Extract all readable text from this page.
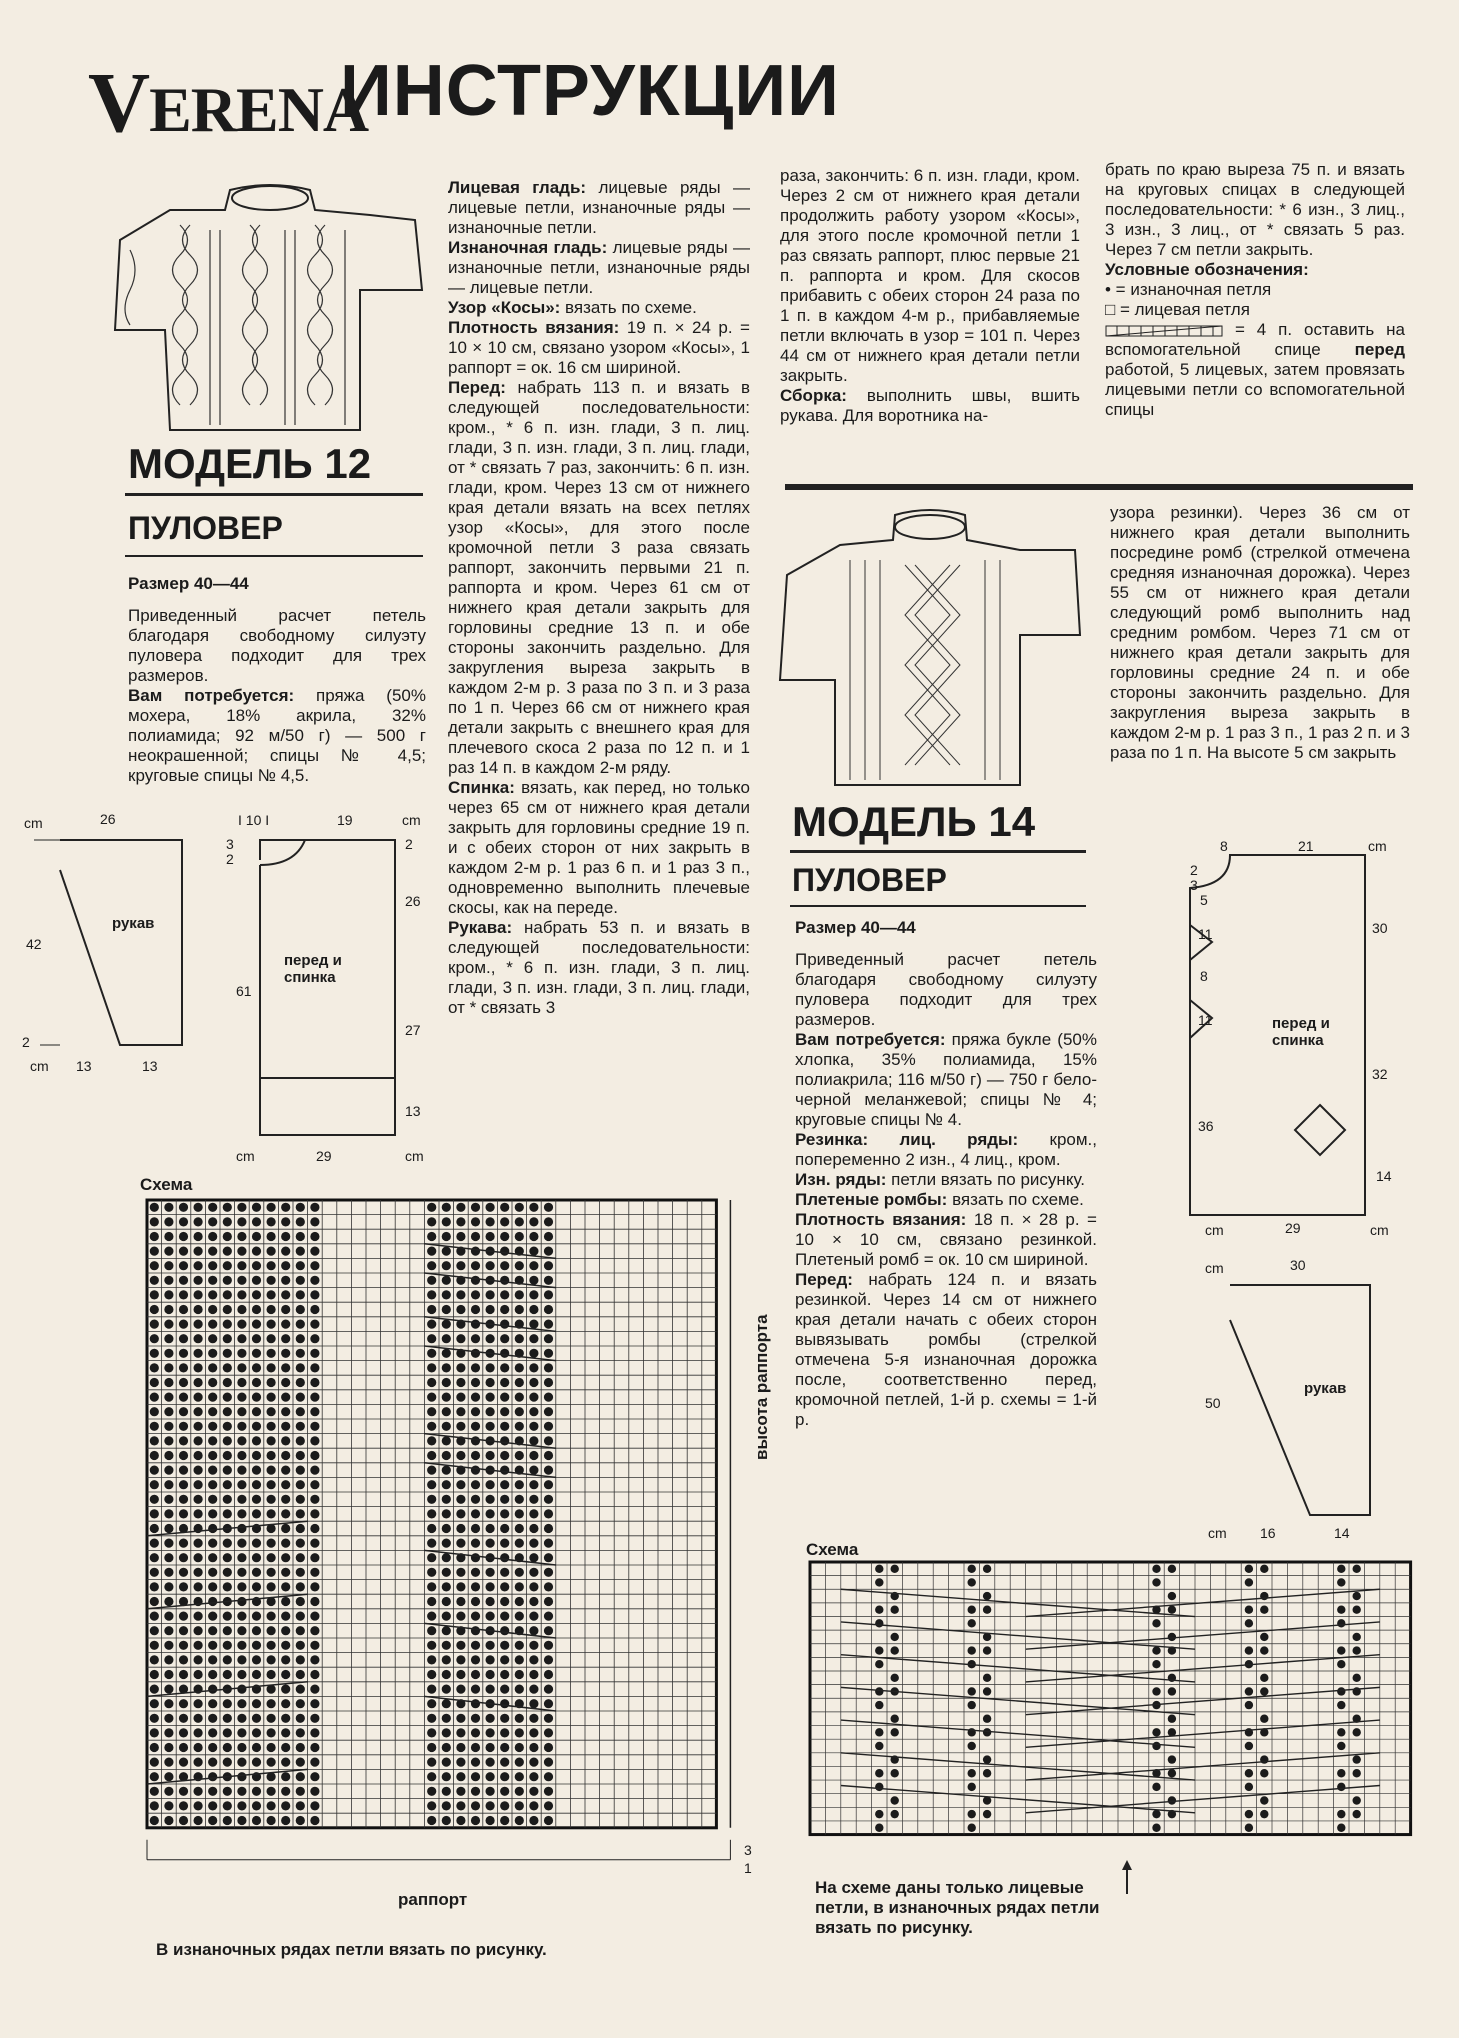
VERENA
ИНСТРУКЦИИ
МОДЕЛЬ 12
ПУЛОВЕР

Размер 40—44

Приведенный расчет петель благодаря свободному силуэту пуловера подходит для трех размеров.

Вам потребуется: пряжа (50% мохера, 18% акрила, 32% полиамида; 92 м/50 г) — 500 г неокрашенной; спицы № 4,5; круговые спицы № 4,5.

Лицевая гладь: лицевые ряды — лицевые петли, изнаночные ряды — изнаночные петли.

Изнаночная гладь: лицевые ряды — изнаночные петли, изнаночные ряды — лицевые петли.

Узор «Косы»: вязать по схеме.

Плотность вязания: 19 п. × 24 р. = 10 × 10 см, связано узором «Косы», 1 раппорт = ок. 16 см шириной.

Перед: набрать 113 п. и вязать в следующей последовательности: кром., * 6 п. изн. глади, 3 п. лиц. глади, 3 п. изн. глади, 3 п. лиц. глади, от * связать 7 раз, закончить: 6 п. изн. глади, кром. Через 13 см от нижнего края детали вязать на всех петлях узор «Косы», для этого после кромочной петли 3 раза связать раппорт, закончить первыми 21 п. раппорта и кром. Через 61 см от нижнего края детали закрыть для горловины средние 13 п. и обе стороны закончить раздельно. Для закругления выреза закрыть в каждом 2-м р. 3 раза по 3 п. и 3 раза по 1 п. Через 66 см от нижнего края детали закрыть с внешнего края для плечевого скоса 2 раза по 12 п. и 1 раз 14 п. в каждом 2-м ряду.

Спинка: вязать, как перед, но только через 65 см от нижнего края детали закрыть для горловины средние 19 п. и с обеих сторон от них закрыть в каждом 2-м р. 1 раз 6 п. и 1 раз 3 п., одновременно выполнить плечевые скосы, как на переде.

Рукава: набрать 53 п. и вязать в следующей последовательности: кром., * 6 п. изн. глади, 3 п. лиц. глади, 3 п. изн. глади, 3 п. лиц. глади, от * связать 3

раза, закончить: 6 п. изн. глади, кром. Через 2 см от нижнего края детали продолжить работу узором «Косы», для этого после кромочной петли 1 раз связать раппорт, плюс первые 21 п. раппорта и кром. Для скосов прибавить с обеих сторон 24 раза по 1 п. в каждом 4-м р., прибавляемые петли включать в узор = 101 п. Через 44 см от нижнего края детали петли закрыть.

Сборка: выполнить швы, вшить рукава. Для воротника на-

брать по краю выреза 75 п. и вязать на круговых спицах в следующей последовательности: * 6 изн., 3 лиц., 3 изн., 3 лиц., от * связать 5 раз. Через 7 см петли закрыть.

Условные обозначения:

• = изнаночная петля

□ = лицевая петля

= 4 п. оставить на вспомогательной спице перед работой, 5 лицевых, затем провязать лицевыми петли со вспомогательной спицы

cm	26
рукав
42
2
cm 13	13
I 10 I	19	cm
3
2
2
26
перед и спинка
61
27
13
cm	29	cm
Схема
высота раппорта
3
1
раппорт
В изнаночных рядах петли вязать по рисунку.
МОДЕЛЬ 14
ПУЛОВЕР

Размер 40—44

Приведенный расчет петель благодаря свободному силуэту пуловера подходит для трех размеров.

Вам потребуется: пряжа букле (50% хлопка, 35% полиамида, 15% полиакрила; 116 м/50 г) — 750 г бело-черной меланжевой; спицы № 4; круговые спицы № 4.

Резинка: лиц. ряды: кром., попеременно 2 изн., 4 лиц., кром.

Изн. ряды: петли вязать по рисунку.

Плетеные ромбы: вязать по схеме.

Плотность вязания: 18 п. × 28 р. = 10 × 10 см, связано резинкой. Плетеный ромб = ок. 10 см шириной.

Перед: набрать 124 п. и вязать резинкой. Через 14 см от нижнего края детали начать с обеих сторон вывязывать ромбы (стрелкой отмечена 5-я изнаночная дорожка после, соответственно перед, кромочной петлей, 1-й р. схемы = 1-й р.

узора резинки). Через 36 см от нижнего края детали выполнить посредине ромб (стрелкой отмечена средняя изнаночная дорожка). Через 55 см от нижнего края детали следующий ромб выполнить над средним ромбом. Через 71 см от нижнего края детали закрыть для горловины средние 24 п. и обе стороны закончить раздельно. Для закругления выреза закрыть в каждом 2-м р. 1 раз 3 п., 1 раз 2 п. и 3 раза по 1 п. На высоте 5 см закрыть

8	21	cm
2
3
5
11
8
11
36
30
32
14
перед и спинка
cm	29	cm
cm	30
рукав
50
cm 16	14
Схема
На схеме даны только лицевые петли, в изнаночных рядах петли вязать по рисунку.
